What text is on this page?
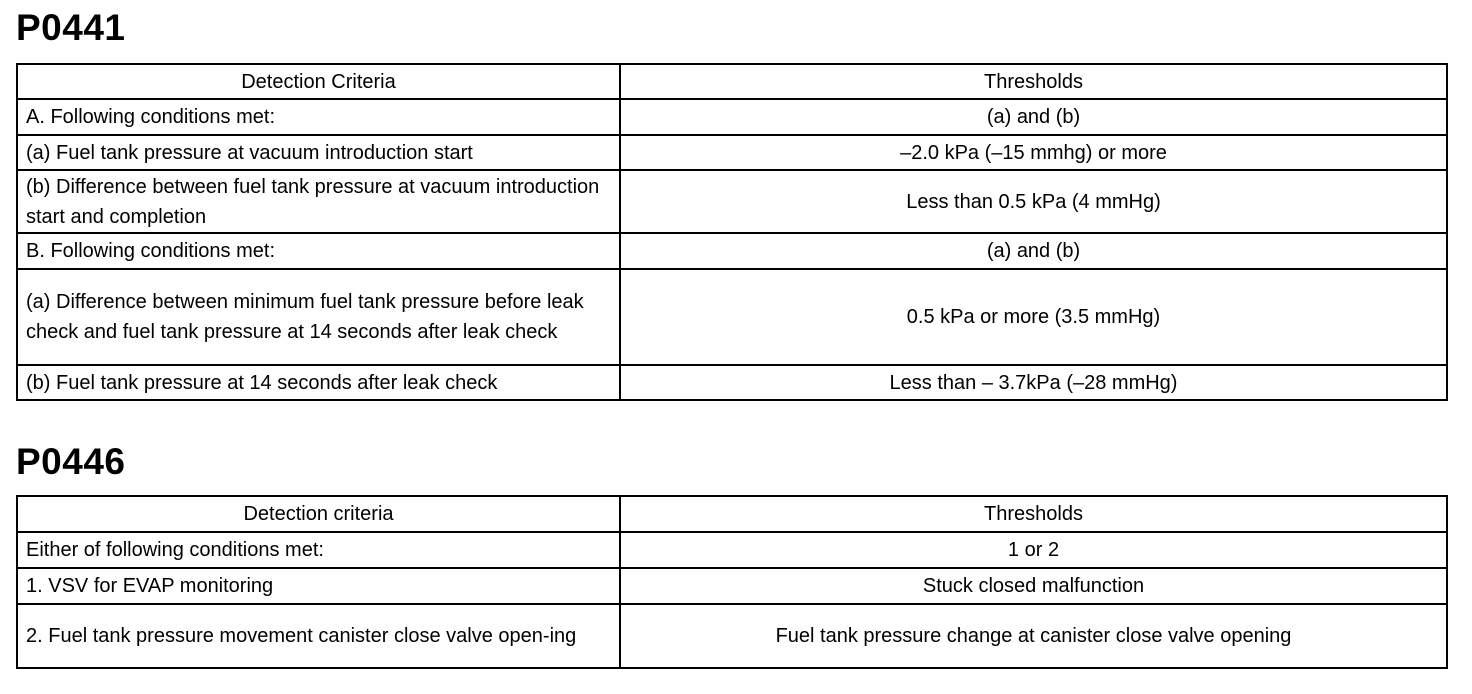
P0441
Detection Criteria	Thresholds
A. Following conditions met:	(a) and (b)
(a) Fuel tank pressure at vacuum introduction start	–2.0 kPa (–15 mmhg) or more
(b) Difference between fuel tank pressure at vacuum introduction start and completion	Less than 0.5 kPa (4 mmHg)
B. Following conditions met:	(a) and (b)
(a) Difference between minimum fuel tank pressure before leak check and fuel tank pressure at 14 seconds after leak check	0.5 kPa or more (3.5 mmHg)
(b) Fuel tank pressure at 14 seconds after leak check	Less than – 3.7kPa (–28 mmHg)
P0446
Detection criteria	Thresholds
Either of following conditions met:	1 or 2
1. VSV for EVAP monitoring	Stuck closed malfunction
2. Fuel tank pressure movement canister close valve open-ing	Fuel tank pressure change at canister close valve opening
